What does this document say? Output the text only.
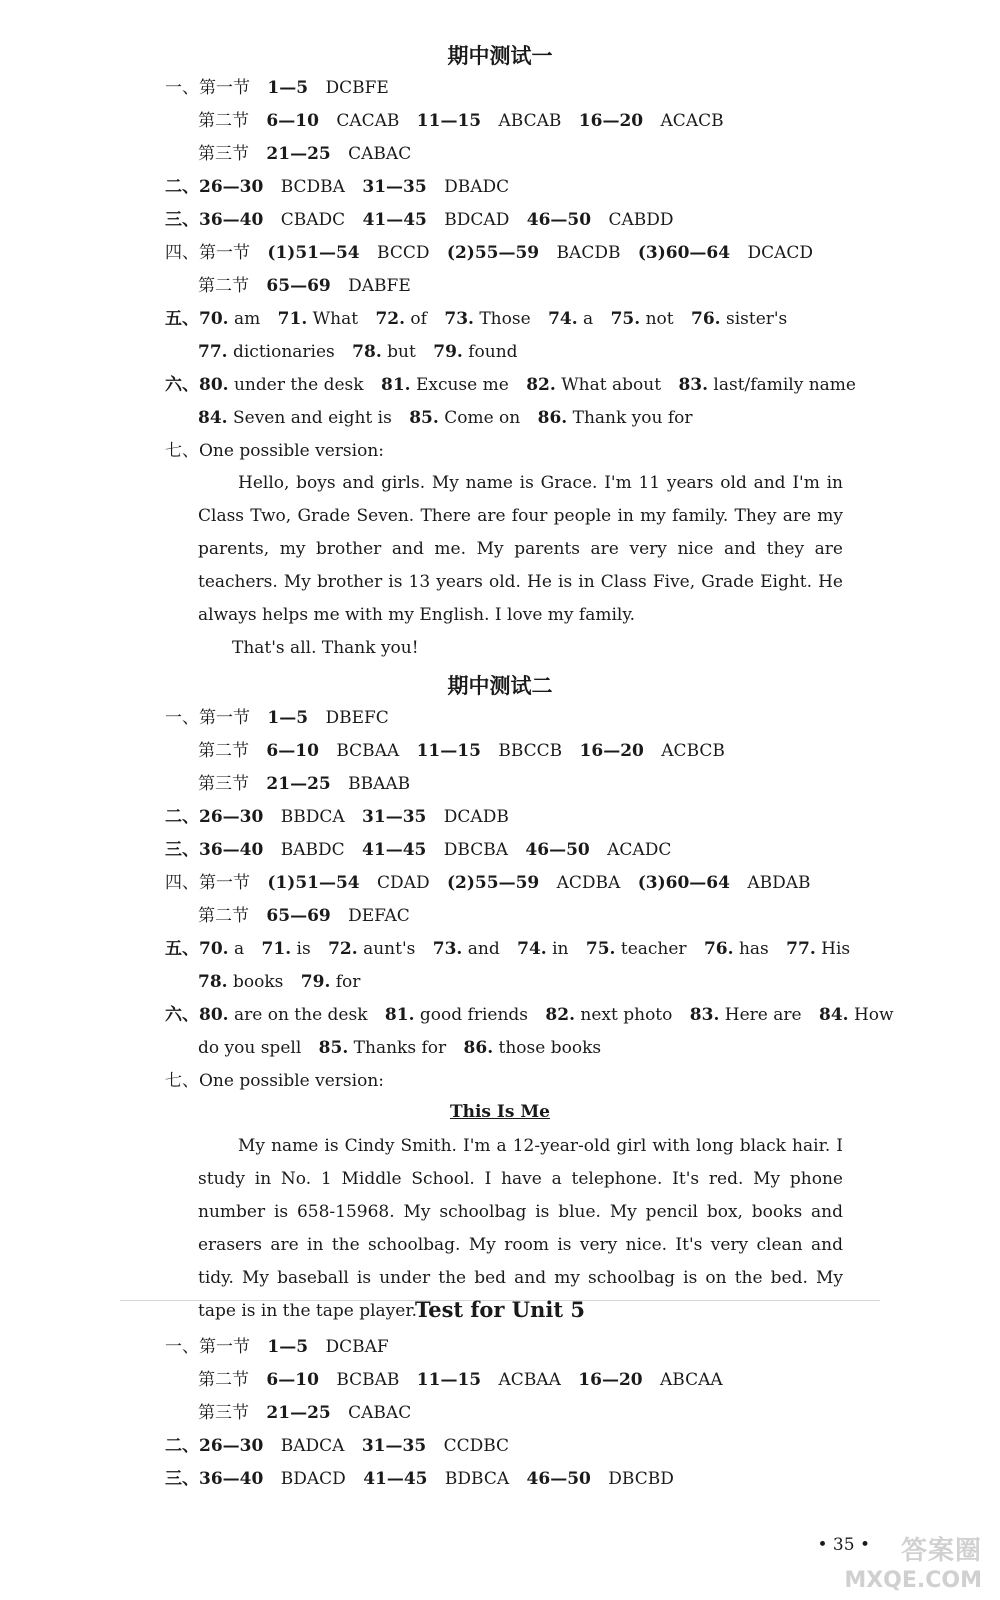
期中测试一
一、第一节 1—5 DCBFE
第二节 6—10 CACAB 11—15 ABCAB 16—20 ACACB
第三节 21—25 CABAC
二、26—30 BCDBA 31—35 DBADC
三、36—40 CBADC 41—45 BDCAD 46—50 CABDD
四、第一节 (1)51—54 BCCD (2)55—59 BACDB (3)60—64 DCACD
第二节 65—69 DABFE
五、70. am 71. What 72. of 73. Those 74. a 75. not 76. sister's
77. dictionaries 78. but 79. found
六、80. under the desk 81. Excuse me 82. What about 83. last/family name
84. Seven and eight is 85. Come on 86. Thank you for
七、One possible version:
Hello, boys and girls. My name is Grace. I'm 11 years old and I'm in Class Two, Grade Seven. There are four people in my family. They are my parents, my brother and me. My parents are very nice and they are teachers. My brother is 13 years old. He is in Class Five, Grade Eight. He always helps me with my English. I love my family.
That's all. Thank you!
期中测试二
一、第一节 1—5 DBEFC
第二节 6—10 BCBAA 11—15 BBCCB 16—20 ACBCB
第三节 21—25 BBAAB
二、26—30 BBDCA 31—35 DCADB
三、36—40 BABDC 41—45 DBCBA 46—50 ACADC
四、第一节 (1)51—54 CDAD (2)55—59 ACDBA (3)60—64 ABDAB
第二节 65—69 DEFAC
五、70. a 71. is 72. aunt's 73. and 74. in 75. teacher 76. has 77. His
78. books 79. for
六、80. are on the desk 81. good friends 82. next photo 83. Here are 84. How
do you spell 85. Thanks for 86. those books
七、One possible version:
This Is Me
My name is Cindy Smith. I'm a 12-year-old girl with long black hair. I study in No. 1 Middle School. I have a telephone. It's red. My phone number is 658-15968. My schoolbag is blue. My pencil box, books and erasers are in the schoolbag. My room is very nice. It's very clean and tidy. My baseball is under the bed and my schoolbag is on the bed. My tape is in the tape player.
Test for Unit 5
一、第一节 1—5 DCBAF
第二节 6—10 BCBAB 11—15 ACBAA 16—20 ABCAA
第三节 21—25 CABAC
二、26—30 BADCA 31—35 CCDBC
三、36—40 BDACD 41—45 BDBCA 46—50 DBCBD
• 35 • 答案圈
MXQE.COM
